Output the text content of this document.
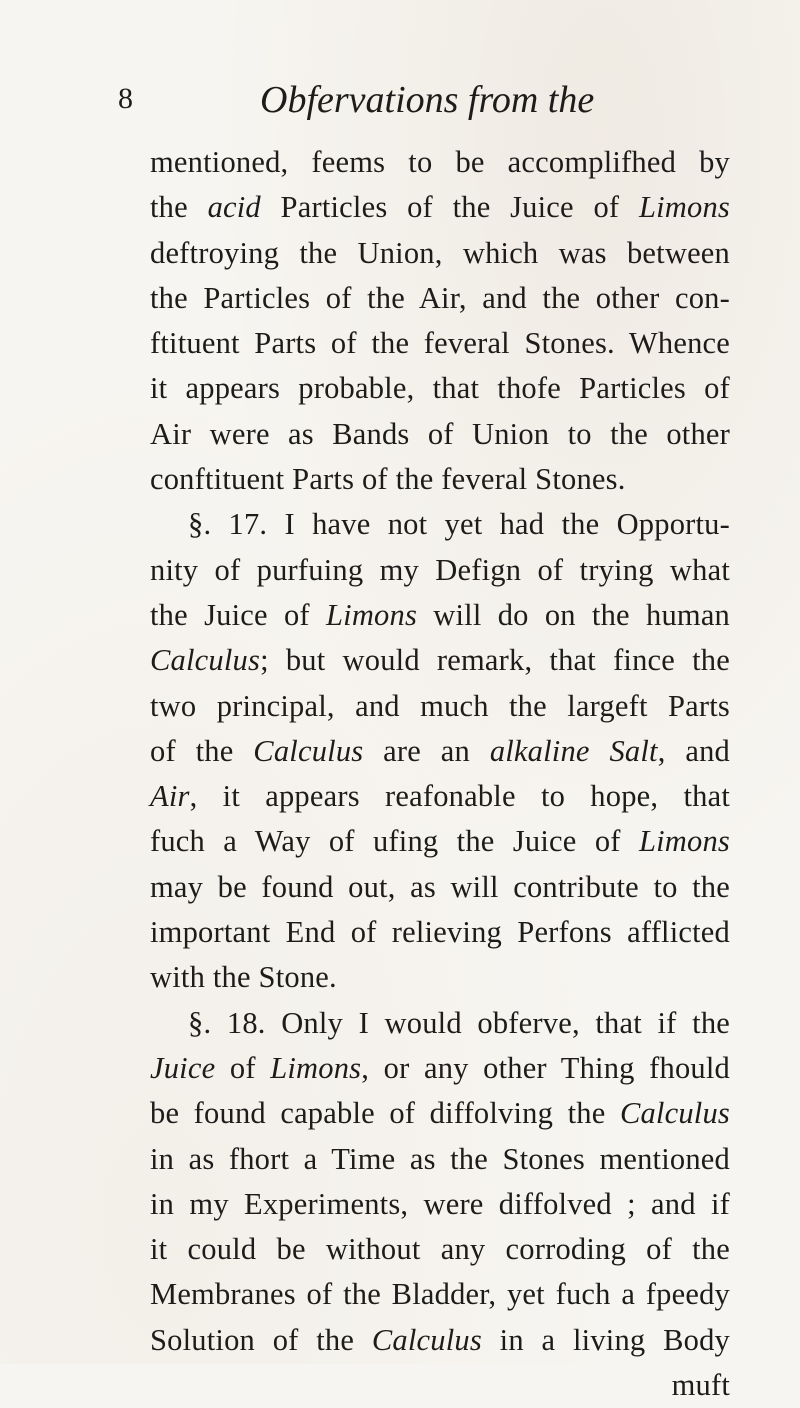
8	Obfervations from the
mentioned, feems to be accomplifhed by
the acid Particles of the Juice of Limons
deftroying the Union, which was between
the Particles of the Air, and the other con-
ftituent Parts of the feveral Stones. Whence
it appears probable, that thofe Particles of
Air were as Bands of Union to the other
conftituent Parts of the feveral Stones.
§. 17. I have not yet had the Opportu-
nity of purfuing my Defign of trying what
the Juice of Limons will do on the human
Calculus; but would remark, that fince the
two principal, and much the largeft Parts
of the Calculus are an alkaline Salt, and
Air, it appears reafonable to hope, that
fuch a Way of ufing the Juice of Limons
may be found out, as will contribute to the
important End of relieving Perfons afflicted
with the Stone.
§. 18. Only I would obferve, that if the
Juice of Limons, or any other Thing fhould
be found capable of diffolving the Calculus
in as fhort a Time as the Stones mentioned
in my Experiments, were diffolved ; and if
it could be without any corroding of the
Membranes of the Bladder, yet fuch a fpeedy
Solution of the Calculus in a living Body
muft
